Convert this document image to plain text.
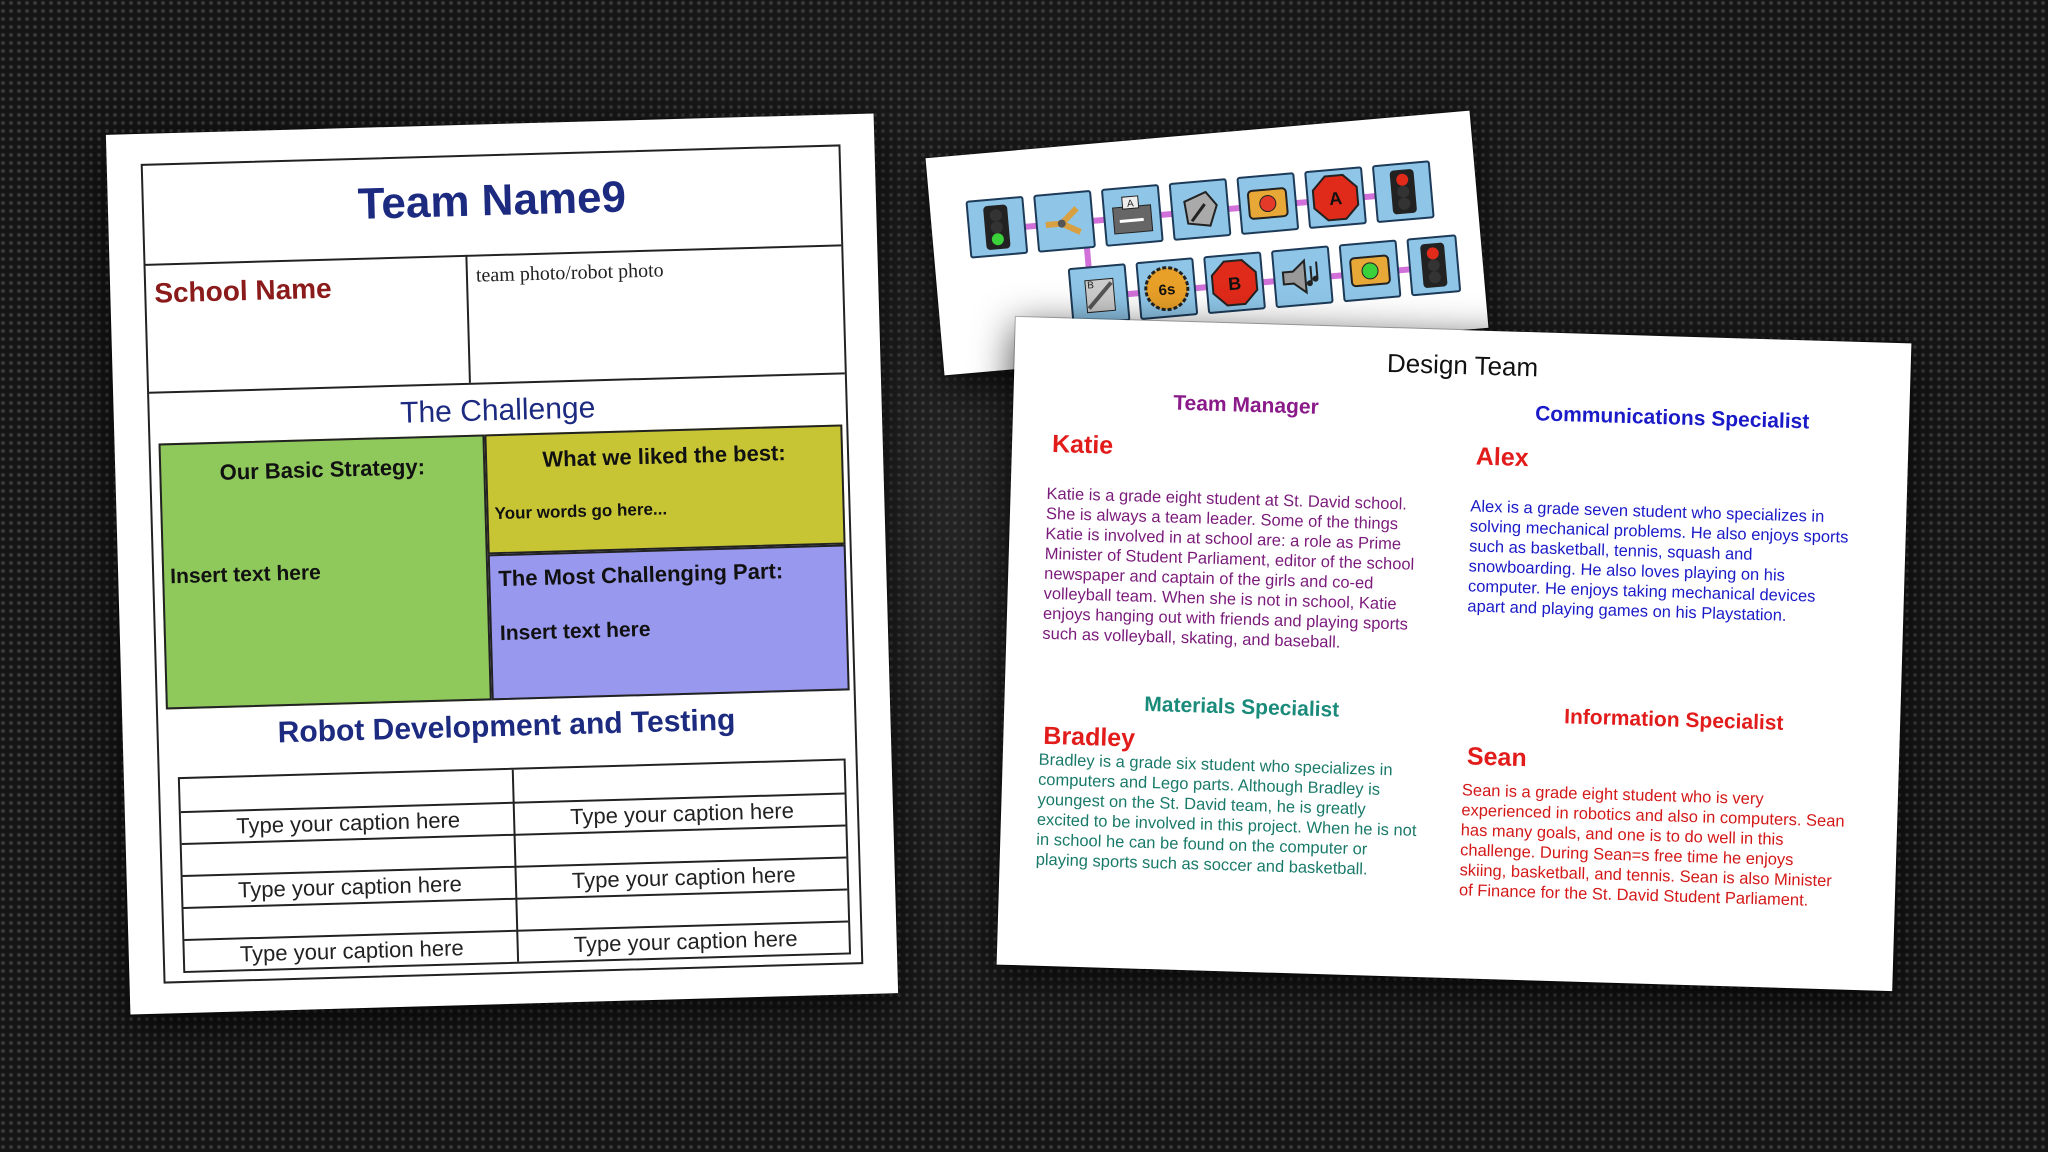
Team Name9
School Name	team photo/robot photo
The Challenge
Our Basic Strategy:
Insert text here
What we liked the best:
Your words go here...
The Most Challenging Part:
Insert text here
Robot Development and Testing
Type your caption here	Type your caption here
Type your caption here	Type your caption here
Type your caption here	Type your caption here
A	A
B	6s	B
Design Team
Team Manager
Katie
Katie is a grade eight student at St. David school. She is always a team leader. Some of the things Katie is involved in at school are: a role as Prime Minister of Student Parliament, editor of the school newspaper and captain of the girls and co-ed volleyball team. When she is not in school, Katie enjoys hanging out with friends and playing sports such as volleyball, skating, and baseball.
Communications Specialist
Alex
Alex is a grade seven student who specializes in solving mechanical problems. He also enjoys sports such as basketball, tennis, squash and snowboarding. He also loves playing on his computer. He enjoys taking mechanical devices apart and playing games on his Playstation.
Materials Specialist
Bradley
Bradley is a grade six student who specializes in computers and Lego parts. Although Bradley is youngest on the St. David team, he is greatly excited to be involved in this project. When he is not in school he can be found on the computer or playing sports such as soccer and basketball.
Information Specialist
Sean
Sean is a grade eight student who is very experienced in robotics and also in computers. Sean has many goals, and one is to do well in this challenge. During Sean=s free time he enjoys skiing, basketball, and tennis. Sean is also Minister of Finance for the St. David Student Parliament.
